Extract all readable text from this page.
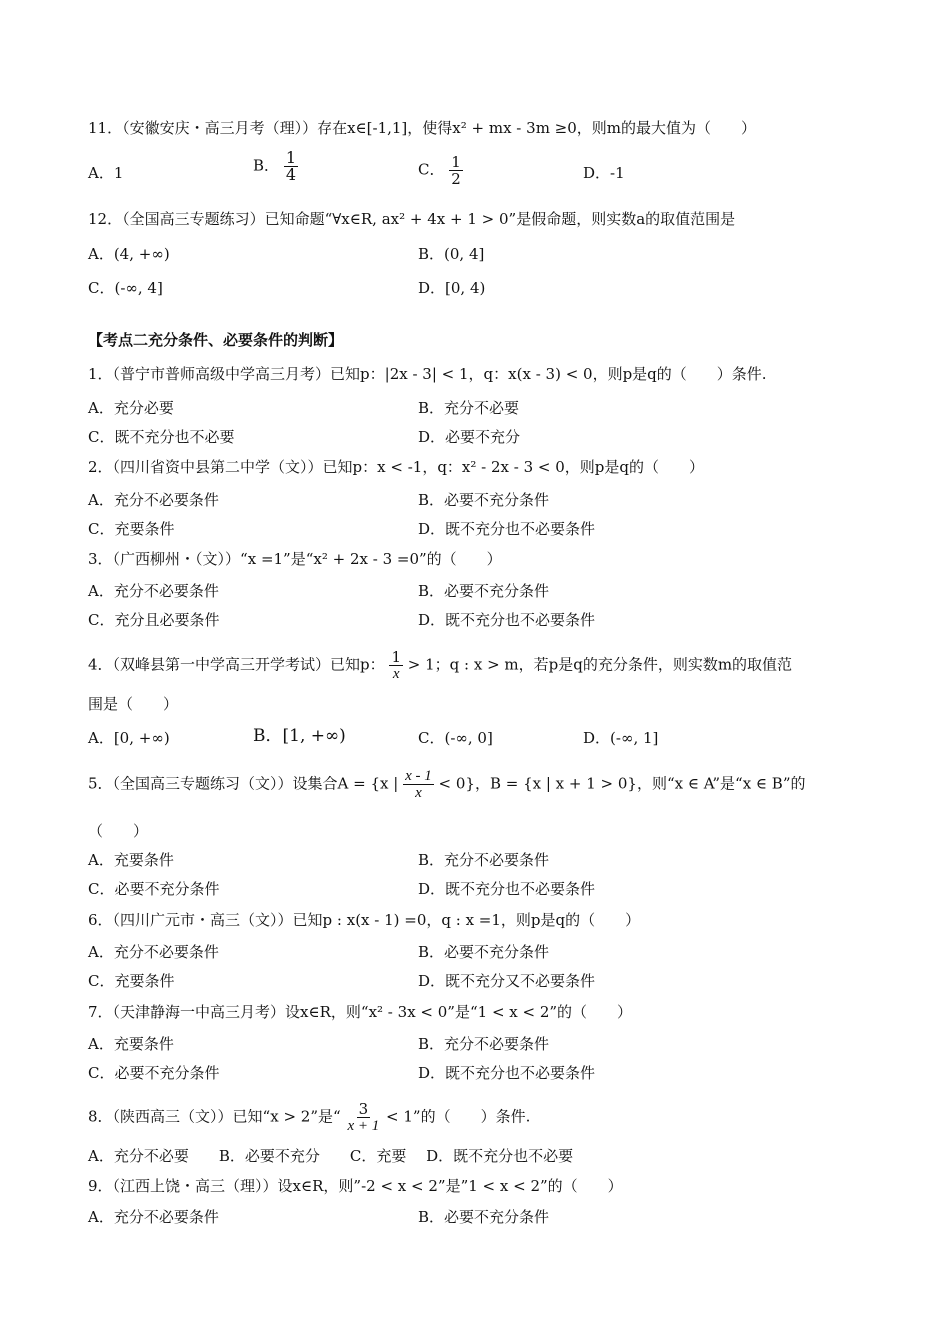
11．（安徽安庆・高三月考（理））存在x∈[-1,1]，使得x² + mx - 3m ≥0，则m的最大值为（　　）
A．1	B． $\frac{1}{4}$	C． $\frac{1}{2}$	D．-1
12．（全国高三专题练习）已知命题“∀x∈R, ax² + 4x + 1 > 0”是假命题，则实数a的取值范围是
A．(4, +∞)	B．(0, 4]
C．(-∞, 4]	D．[0, 4)
【考点二充分条件、必要条件的判断】
1．（普宁市普师高级中学高三月考）已知p：|2x - 3| < 1，q：x(x - 3) < 0，则p是q的（　　）条件.
A．充分必要	B．充分不必要
C．既不充分也不必要	D．必要不充分
2．（四川省资中县第二中学（文））已知p：x < -1，q：x² - 2x - 3 < 0，则p是q的（　　）
A．充分不必要条件	B．必要不充分条件
C．充要条件	D．既不充分也不必要条件
3．（广西柳州・（文））“x =1”是“x² + 2x - 3 =0”的（　　）
A．充分不必要条件	B．必要不充分条件
C．充分且必要条件	D．既不充分也不必要条件
4．（双峰县第一中学高三开学考试）已知p： $\frac{1}{x} > 1$；q : x > m，若p是q的充分条件，则实数m的取值范
围是（　　）
A．[0, +∞)	B．[1, +∞)	C．(-∞, 0]	D．(-∞, 1]
5．（全国高三专题练习（文））设集合A = {x | $\frac{x - 1}{x} < 0$}，B = {x | x + 1 > 0}，则“x ∈ A”是“x ∈ B”的
（　　）
A．充要条件	B．充分不必要条件
C．必要不充分条件	D．既不充分也不必要条件
6．（四川广元市・高三（文））已知p : x(x - 1) =0，q : x =1，则p是q的（　　）
A．充分不必要条件	B．必要不充分条件
C．充要条件	D．既不充分又不必要条件
7．（天津静海一中高三月考）设x∈R，则“x² - 3x < 0”是“1 < x < 2”的（　　）
A．充要条件	B．充分不必要条件
C．必要不充分条件	D．既不充分也不必要条件
8．（陕西高三（文））已知“x > 2”是“ $\frac{3}{x + 1} < 1$”的（　　）条件.
A．充分不必要　　B．必要不充分　　C．充要　 D．既不充分也不必要
9．（江西上饶・高三（理））设x∈R，则”-2 < x < 2”是”1 < x < 2”的（　　）
A．充分不必要条件	B．必要不充分条件
